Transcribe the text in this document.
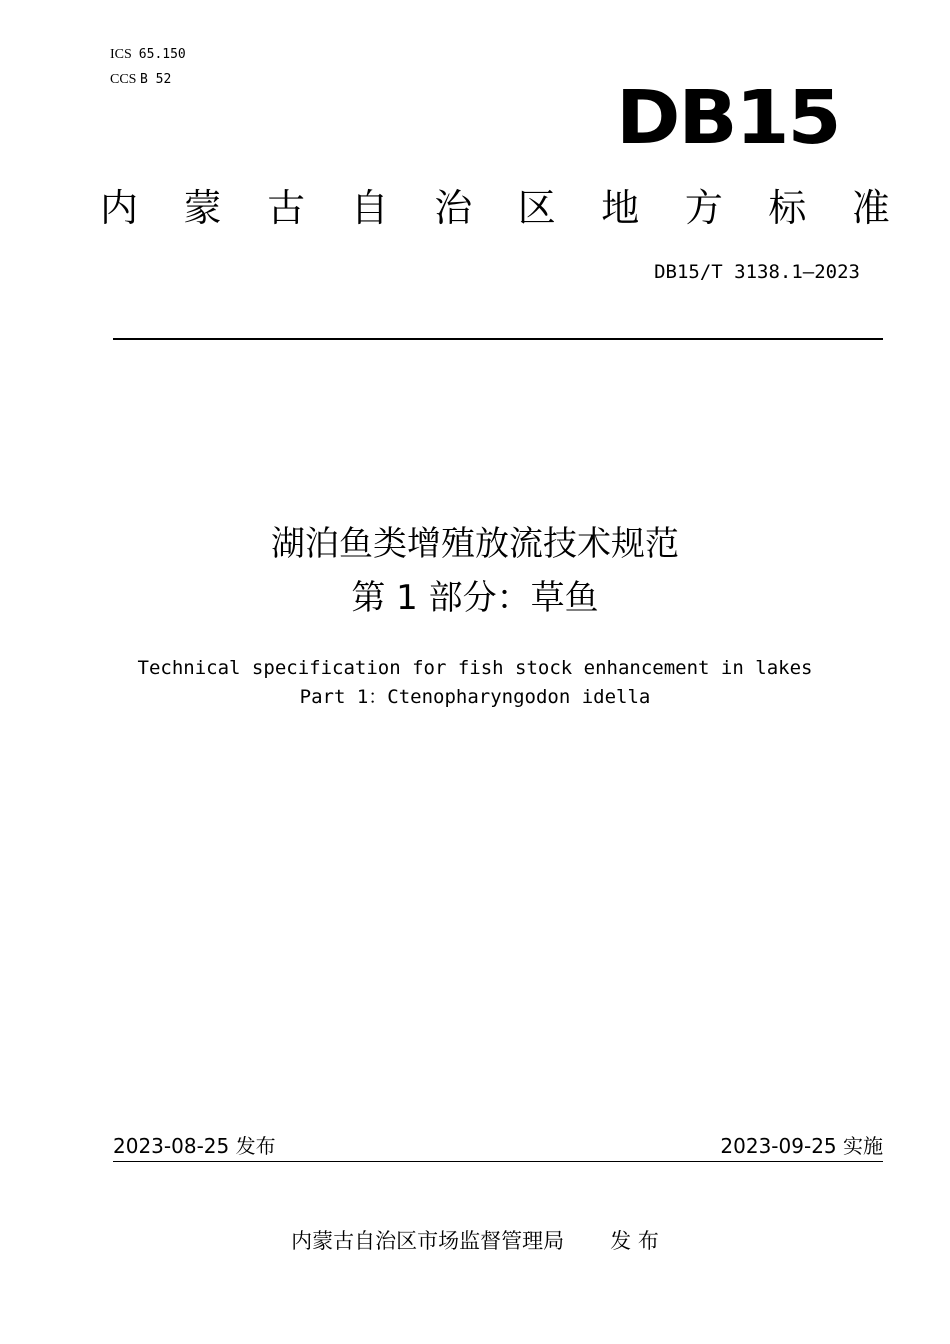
ICS 65.150
CCS B 52	DB15
内 蒙 古 自 治 区 地 方 标 准
DB15/T 3138.1—2023
湖泊鱼类增殖放流技术规范
第 1 部分：草鱼
Technical specification for fish stock enhancement in lakes
Part 1：Ctenopharyngodon idella
2023-08-25 发布	2023-09-25 实施
内蒙古自治区市场监督管理局 发 布
